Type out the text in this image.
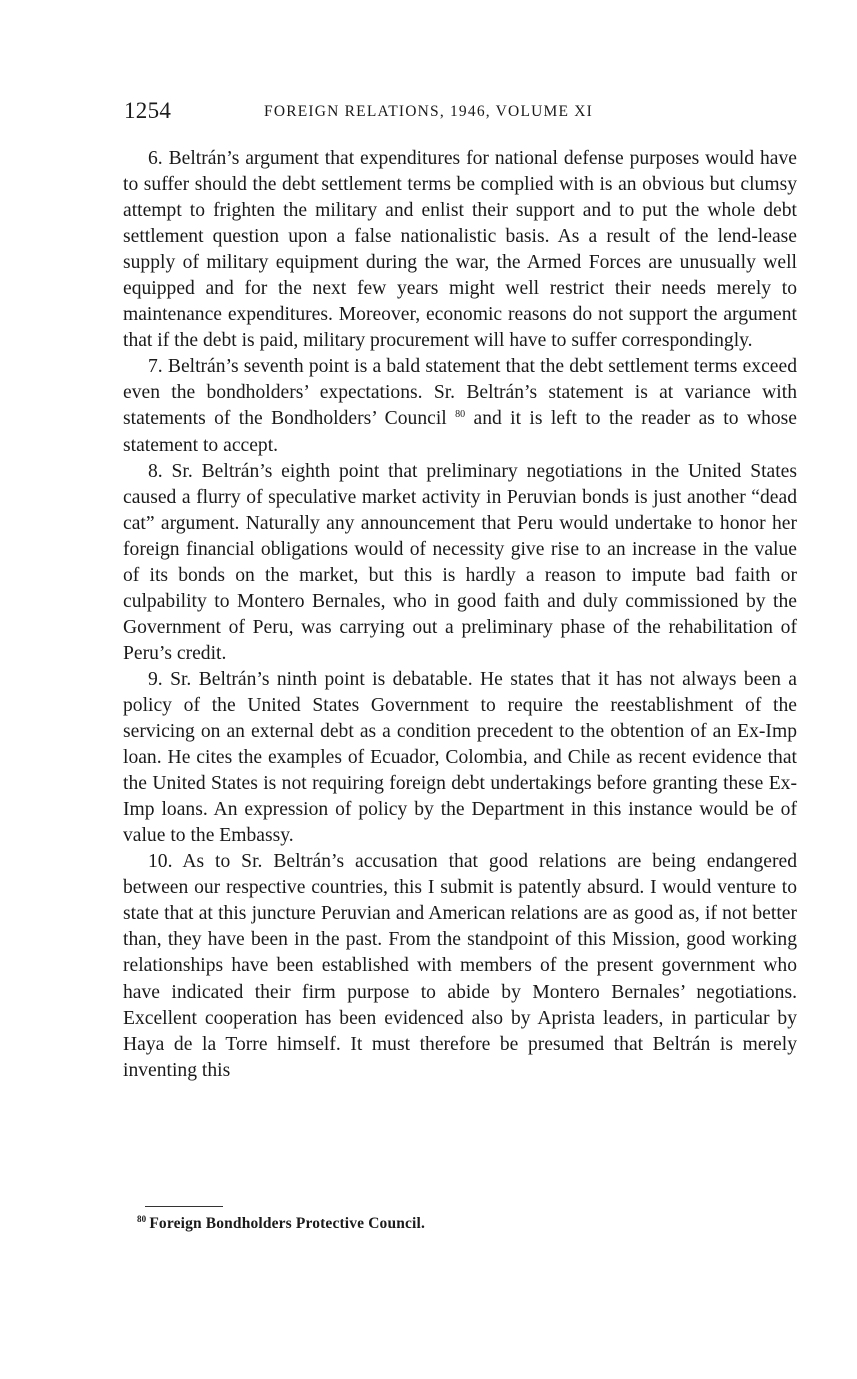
1254	FOREIGN RELATIONS, 1946, VOLUME XI

6. Beltrán’s argument that expenditures for national defense purposes would have to suffer should the debt settlement terms be complied with is an obvious but clumsy attempt to frighten the military and enlist their support and to put the whole debt settlement question upon a false nationalistic basis. As a result of the lend-lease supply of military equipment during the war, the Armed Forces are unusually well equipped and for the next few years might well restrict their needs merely to maintenance expenditures. Moreover, economic reasons do not support the argument that if the debt is paid, military procurement will have to suffer correspondingly.

7. Beltrán’s seventh point is a bald statement that the debt settlement terms exceed even the bondholders’ expectations. Sr. Beltrán’s statement is at variance with statements of the Bondholders’ Council $^{80}$ and it is left to the reader as to whose statement to accept.

8. Sr. Beltrán’s eighth point that preliminary negotiations in the United States caused a flurry of speculative market activity in Peruvian bonds is just another “dead cat” argument. Naturally any announcement that Peru would undertake to honor her foreign financial obligations would of necessity give rise to an increase in the value of its bonds on the market, but this is hardly a reason to impute bad faith or culpability to Montero Bernales, who in good faith and duly commissioned by the Government of Peru, was carrying out a preliminary phase of the rehabilitation of Peru’s credit.

9. Sr. Beltrán’s ninth point is debatable. He states that it has not always been a policy of the United States Government to require the reestablishment of the servicing on an external debt as a condition precedent to the obtention of an Ex-Imp loan. He cites the examples of Ecuador, Colombia, and Chile as recent evidence that the United States is not requiring foreign debt undertakings before granting these Ex-Imp loans. An expression of policy by the Department in this instance would be of value to the Embassy.

10. As to Sr. Beltrán’s accusation that good relations are being endangered between our respective countries, this I submit is patently absurd. I would venture to state that at this juncture Peruvian and American relations are as good as, if not better than, they have been in the past. From the standpoint of this Mission, good working relationships have been established with members of the present government who have indicated their firm purpose to abide by Montero Bernales’ negotiations. Excellent cooperation has been evidenced also by Aprista leaders, in particular by Haya de la Torre himself. It must therefore be presumed that Beltrán is merely inventing this

$^{80}$ Foreign Bondholders Protective Council.
